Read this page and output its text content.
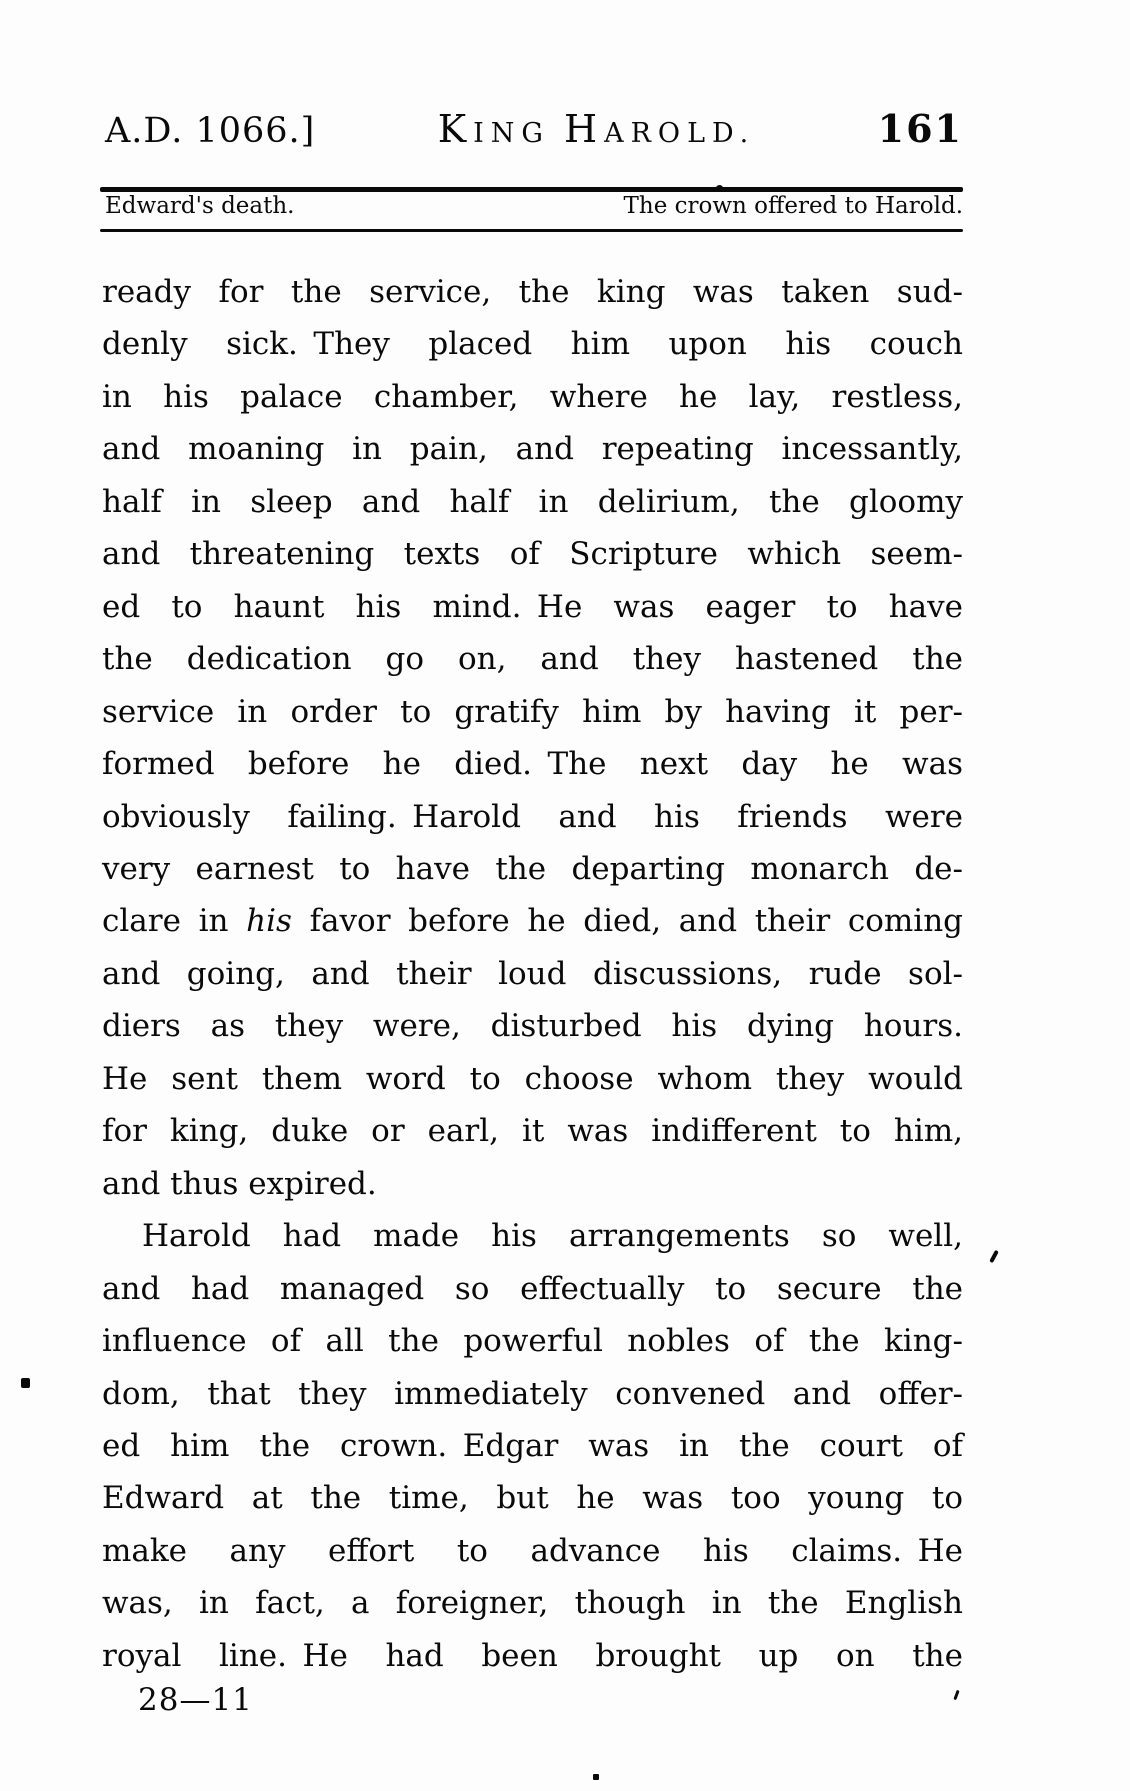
A.D. 1066.]	KING HAROLD.	161
Edward's death.	The crown offered to Harold.
ready for the service, the king was taken sud-
denly sick. They placed him upon his couch
in his palace chamber, where he lay, restless,
and moaning in pain, and repeating incessantly,
half in sleep and half in delirium, the gloomy
and threatening texts of Scripture which seem-
ed to haunt his mind. He was eager to have
the dedication go on, and they hastened the
service in order to gratify him by having it per-
formed before he died. The next day he was
obviously failing. Harold and his friends were
very earnest to have the departing monarch de-
clare in his favor before he died, and their coming
and going, and their loud discussions, rude sol-
diers as they were, disturbed his dying hours.
He sent them word to choose whom they would
for king, duke or earl, it was indifferent to him,
and thus expired.
Harold had made his arrangements so well,
and had managed so effectually to secure the
influence of all the powerful nobles of the king-
dom, that they immediately convened and offer-
ed him the crown. Edgar was in the court of
Edward at the time, but he was too young to
make any effort to advance his claims. He
was, in fact, a foreigner, though in the English
royal line. He had been brought up on the
28—11
